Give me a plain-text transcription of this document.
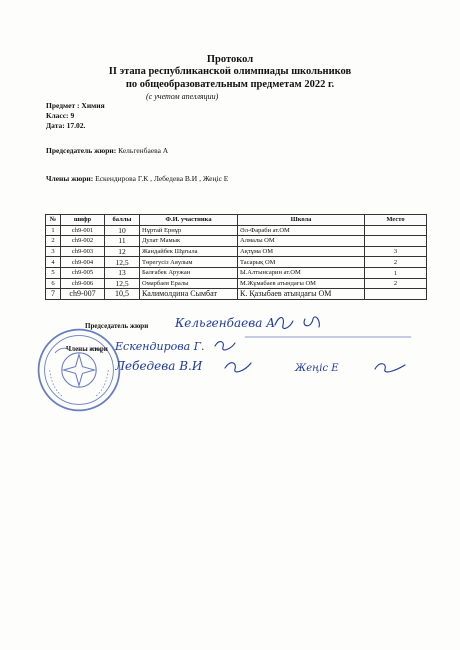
Протокол
II этапа республиканской олимпиады школьников
по общеобразовательным предметам 2022 г.
(с учетом апелляции)
Предмет : Химия
Класс: 9
Дата: 17.02.
Председатель жюри: Кельгенбаева А
Члены жюри: Ескендирова Г.К , Лебедева В.И , Жеңіс Е
№	шифр	баллы	Ф.И. участника	Школа	Место
1	ch9-001	10	Нұртай Ернұр	Әл-Фараби ат.ОМ	
2	ch9-002	11	Дулат Мамык	Алмалы ОМ	
3	ch9-003	12	Жандайбек Шұғыла	Ақтұма ОМ	3
4	ch9-004	12,5	Төрегусіз Аяулым	Тасарық ОМ	2
5	ch9-005	13	Балғабек Аружан	Ы.Алтынсарин ат.ОМ	1
6	ch9-006	12,5	Омарбаев Ералы	М.Жұмабаев атындағы ОМ	2
7	ch9-007	10,5	Калимолдина Сымбат	К. Қазыбаев атындағы ОМ	
Кельгенбаева А
Ескендирова Г.
Лебедева В.И	Жеңіс Е
Председатель жюри
Члены жюри
